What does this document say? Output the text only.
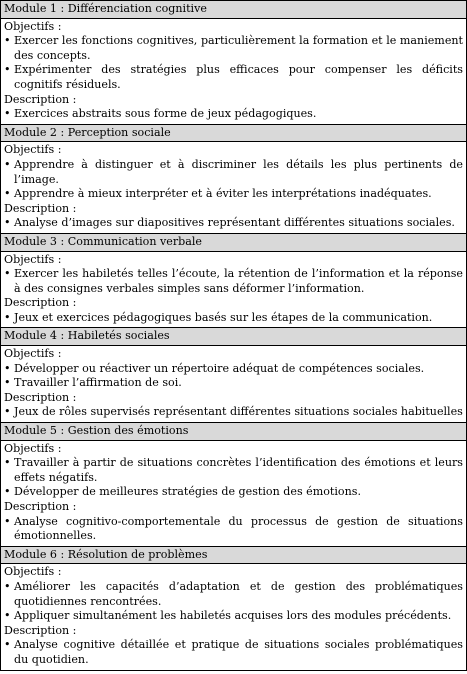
Module 1 : Différenciation cognitive
Objectifs :
• Exercer les fonctions cognitives, particulièrement la formation et le maniement des concepts.
• Expérimenter des stratégies plus efficaces pour compenser les déficits cognitifs résiduels.
Description :
• Exercices abstraits sous forme de jeux pédagogiques.
Module 2 : Perception sociale
Objectifs :
• Apprendre à distinguer et à discriminer les détails les plus pertinents de l’image.
• Apprendre à mieux interpréter et à éviter les interprétations inadéquates.
Description :
• Analyse d’images sur diapositives représentant différentes situations sociales.
Module 3 : Communication verbale
Objectifs :
• Exercer les habiletés telles l’écoute, la rétention de l’information et la réponse à des consignes verbales simples sans déformer l’information.
Description :
• Jeux et exercices pédagogiques basés sur les étapes de la communication.
Module 4 : Habiletés sociales
Objectifs :
• Développer ou réactiver un répertoire adéquat de compétences sociales.
• Travailler l’affirmation de soi.
Description :
• Jeux de rôles supervisés représentant différentes situations sociales habituelles
Module 5 : Gestion des émotions
Objectifs :
• Travailler à partir de situations concrètes l’identification des émotions et leurs effets négatifs.
• Développer de meilleures stratégies de gestion des émotions.
Description :
• Analyse cognitivo-comportementale du processus de gestion de situations émotionnelles.
Module 6 : Résolution de problèmes
Objectifs :
• Améliorer les capacités d’adaptation et de gestion des problématiques quotidiennes rencontrées.
• Appliquer simultanément les habiletés acquises lors des modules précédents.
Description :
• Analyse cognitive détaillée et pratique de situations sociales problématiques du quotidien.
